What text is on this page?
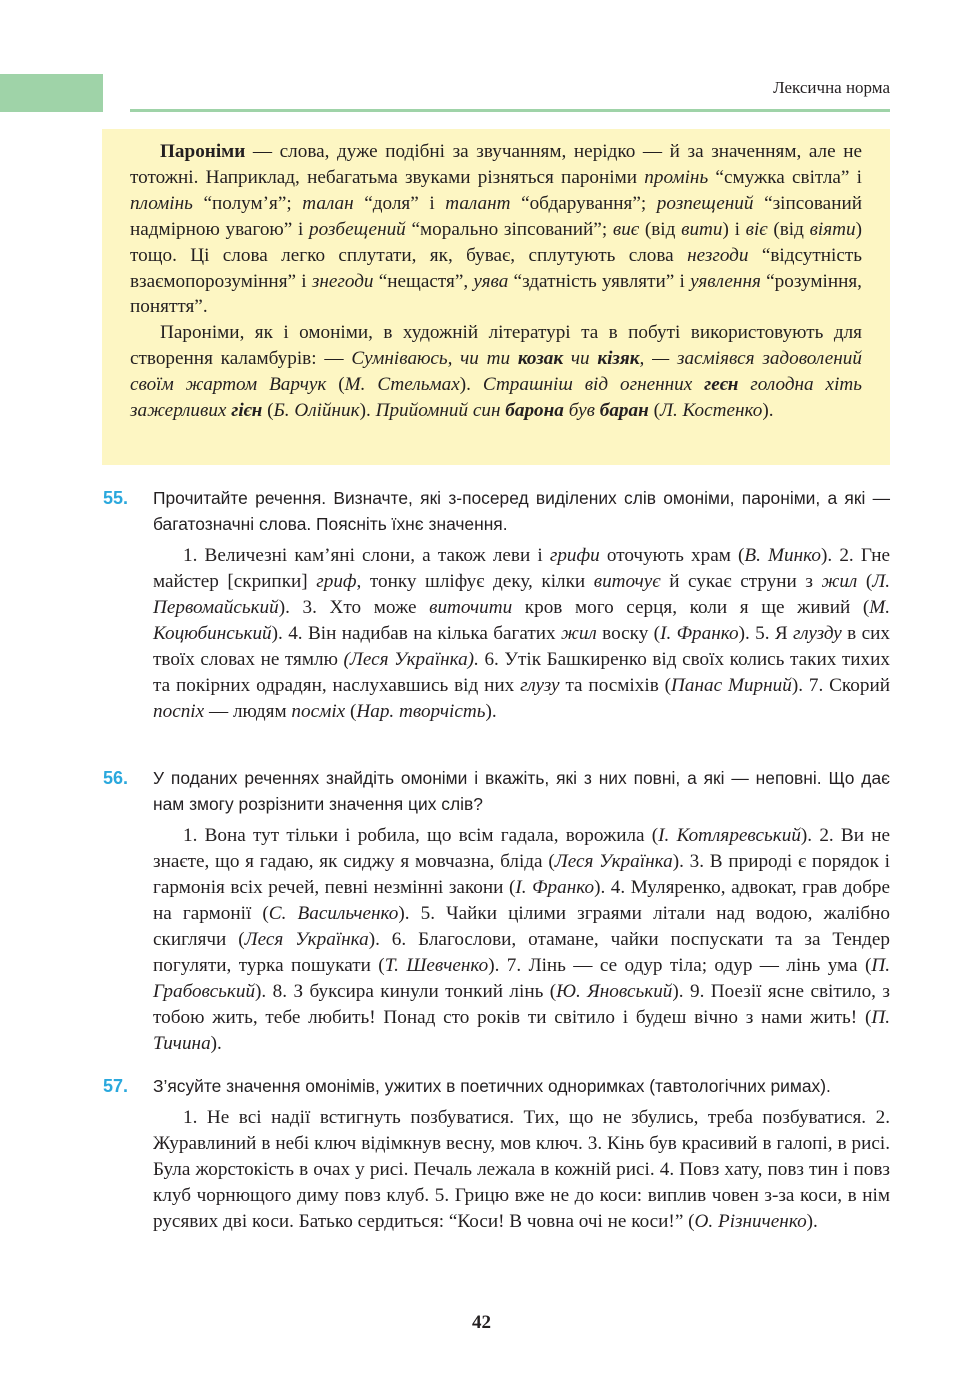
Лексична норма

Пароніми — слова, дуже подібні за звучанням, нерідко — й за значенням, але не тотожні. Наприклад, небагатьма звуками різняться пароніми промінь “смужка світла” і пломінь “полум’я”; талан “доля” і талант “обдарування”; розпещений “зіпсований надмірною увагою” і розбещений “морально зіпсований”; виє (від вити) і віє (від віяти) тощо. Ці слова легко сплутати, як, буває, сплутують слова незгоди “відсутність взаємопорозуміння” і знегоди “нещастя”, уява “здатність уявляти” і уявлення “розуміння, поняття”.

Пароніми, як і омоніми, в художній літературі та в побуті використовують для створення каламбурів: — Сумніваюсь, чи ти козак чи кізяк, — засміявся задоволений своїм жартом Варчук (М. Стельмах). Страшніш від огненних геєн голодна хіть зажерливих гієн (Б. Олійник). Прийомний син барона був баран (Л. Костенко).

55. Прочитайте речення. Визначте, які з-посеред виділених слів омоніми, пароніми, а які — багатозначні слова. Поясніть їхнє значення.
1. Величезні кам’яні слони, а також леви і грифи оточують храм (В. Минко). 2. Гне майстер [скрипки] гриф, тонку шліфує деку, кілки виточує й сукає струни з жил (Л. Первомайський). 3. Хто може виточити кров мого серця, коли я ще живий (М. Коцюбинський). 4. Він надибав на кілька багатих жил воску (І. Франко). 5. Я глузду в сих твоїх словах не тямлю (Леся Українка). 6. Утік Башкиренко від своїх колись таких тихих та покірних одрадян, наслухавшись від них глузу та посміхів (Панас Мирний). 7. Скорий поспіх — людям посміх (Нар. творчість).
56. У поданих реченнях знайдіть омоніми і вкажіть, які з них повні, а які — неповні. Що дає нам змогу розрізнити значення цих слів?
1. Вона тут тільки і робила, що всім гадала, ворожила (І. Котляревський). 2. Ви не знаєте, що я гадаю, як сиджу я мовчазна, бліда (Леся Українка). 3. В природі є порядок і гармонія всіх речей, певні незмінні закони (І. Франко). 4. Муляренко, адвокат, грав добре на гармонії (С. Васильченко). 5. Чайки цілими зграями літали над водою, жалібно скиглячи (Леся Українка). 6. Благослови, отамане, чайки поспускати та за Тендер погуляти, турка пошукати (Т. Шевченко). 7. Лінь — се одур тіла; одур — лінь ума (П. Грабовський). 8. З буксира кинули тонкий лінь (Ю. Яновський). 9. Поезії ясне світило, з тобою жить, тебе любить! Понад сто років ти світило і будеш вічно з нами жить! (П. Тичина).
57. З’ясуйте значення омонімів, ужитих в поетичних одноримках (тавтологічних римах).
1. Не всі надії встигнуть позбуватися. Тих, що не збулись, треба позбуватися. 2. Журавлиний в небі ключ відімкнув весну, мов ключ. 3. Кінь був красивий в галопі, в рисі. Була жорстокість в очах у рисі. Печаль лежала в кожній рисі. 4. Повз хату, повз тин і повз клуб чорнющого диму повз клуб. 5. Грицю вже не до коси: виплив човен з-за коси, в нім русявих дві коси. Батько сердиться: “Коси! В човна очі не коси!” (О. Різниченко).
42
